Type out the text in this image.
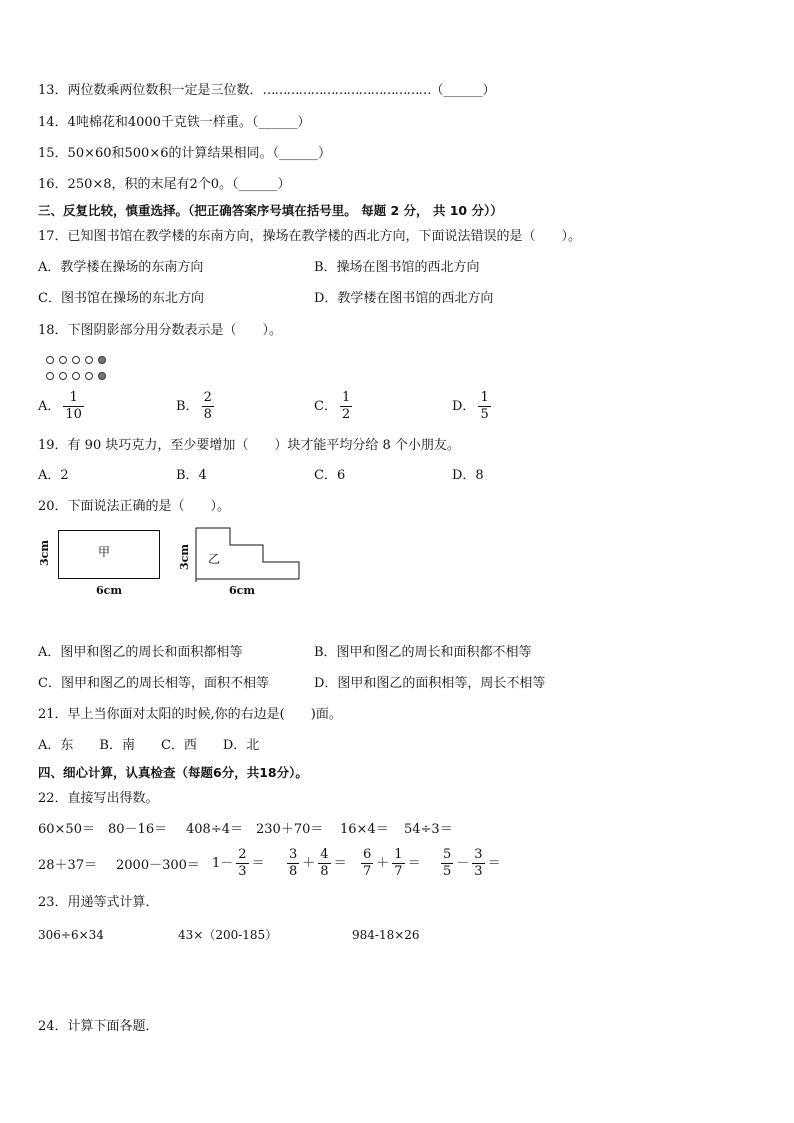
13．两位数乘两位数积一定是三位数．……………………………………（______）
14．4吨棉花和4000千克铁一样重。（______）
15．50×60和500×6的计算结果相同。（______）
16．250×8，积的末尾有2个0。（______）
三、反复比较，慎重选择。（把正确答案序号填在括号里。 每题 2 分， 共 10 分））
17．已知图书馆在教学楼的东南方向，操场在教学楼的西北方向，下面说法错误的是（　　）。
A．教学楼在操场的东南方向	B．操场在图书馆的西北方向
C．图书馆在操场的东北方向	D．教学楼在图书馆的西北方向
18．下图阴影部分用分数表示是（　　）。
A． $\frac{1}{10}$	B． $\frac{2}{8}$	C． $\frac{1}{2}$	D． $\frac{1}{5}$
19．有 90 块巧克力，至少要增加（　　）块才能平均分给 8 个小朋友。
A．2	B．4	C．6	D．8
20．下面说法正确的是（　　）。
3cm	甲
6cm
3cm 乙
6cm
A．图甲和图乙的周长和面积都相等	B．图甲和图乙的周长和面积都不相等
C．图甲和图乙的周长相等，面积不相等	D．图甲和图乙的面积相等，周长不相等
21．早上当你面对太阳的时候,你的右边是(　　)面。
A．东　　B．南　　C．西　　D．北
四、细心计算，认真检查（每题6分，共18分）。
22．直接写出得数。
60×50＝ 80－16＝ 408÷4＝ 230＋70＝ 16×4＝ 54÷3＝
$28+37= 2000-300= 1- \frac{2}{3} = \frac{3}{8} + \frac{4}{8} = \frac{6}{7} + \frac{1}{7} = \frac{5}{5} - \frac{3}{3}$ ＝
23．用递等式计算．
306÷6×34	43×（200-185）	984-18×26
24．计算下面各题．
